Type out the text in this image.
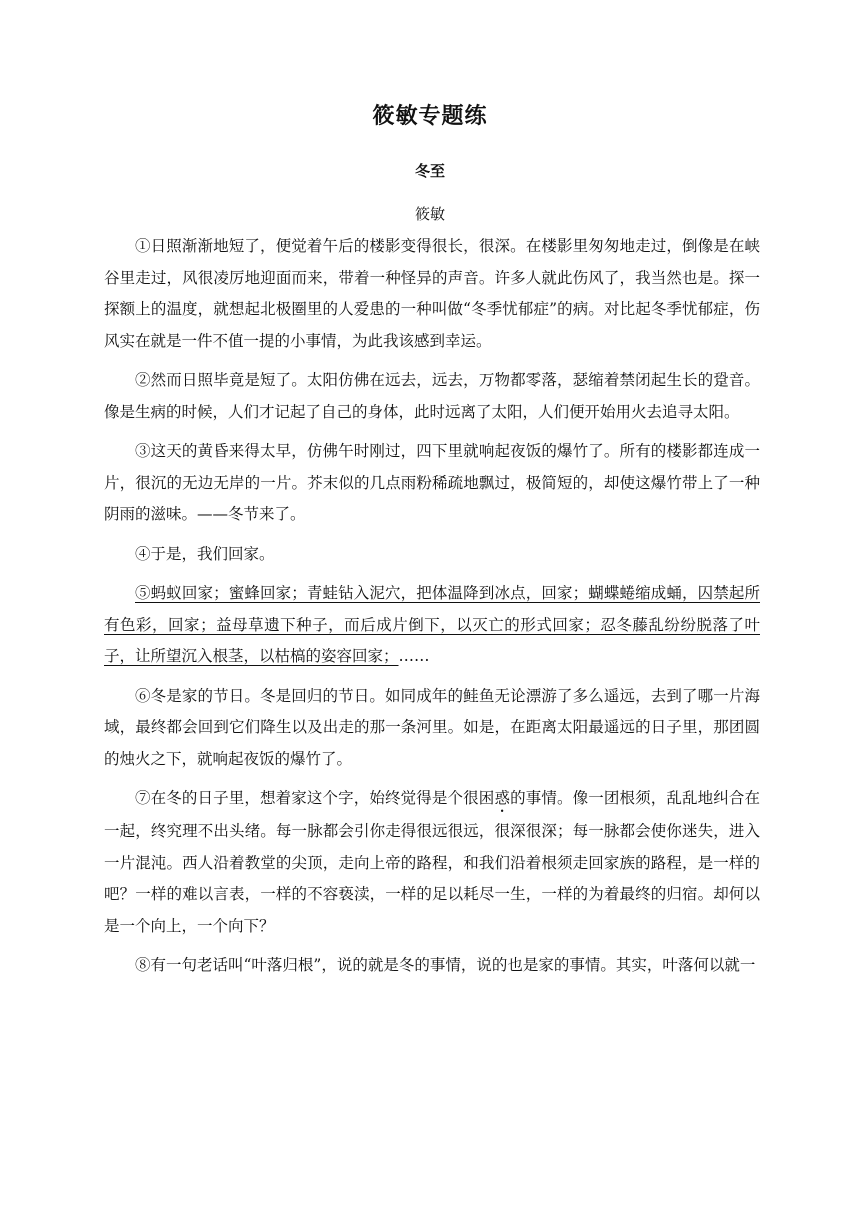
筱敏专题练
冬至
筱敏

①日照渐渐地短了，便觉着午后的楼影变得很长，很深。在楼影里匆匆地走过，倒像是在峡谷里走过，风很凌厉地迎面而来，带着一种怪异的声音。许多人就此伤风了，我当然也是。探一探额上的温度，就想起北极圈里的人爱患的一种叫做“冬季忧郁症”的病。对比起冬季忧郁症，伤风实在就是一件不值一提的小事情，为此我该感到幸运。

②然而日照毕竟是短了。太阳仿佛在远去，远去，万物都零落，瑟缩着禁闭起生长的跫音。像是生病的时候，人们才记起了自己的身体，此时远离了太阳，人们便开始用火去追寻太阳。

③这天的黄昏来得太早，仿佛午时刚过，四下里就响起夜饭的爆竹了。所有的楼影都连成一片，很沉的无边无岸的一片。芥末似的几点雨粉稀疏地飘过，极简短的，却使这爆竹带上了一种阴雨的滋味。——冬节来了。

④于是，我们回家。

⑤蚂蚁回家；蜜蜂回家；青蛙钻入泥穴，把体温降到冰点，回家；蝴蝶蜷缩成蛹，囚禁起所有色彩，回家；益母草遗下种子，而后成片倒下，以灭亡的形式回家；忍冬藤乱纷纷脱落了叶子，让所望沉入根茎，以枯槁的姿容回家；……

⑥冬是家的节日。冬是回归的节日。如同成年的鲑鱼无论漂游了多么遥远，去到了哪一片海域，最终都会回到它们降生以及出走的那一条河里。如是，在距离太阳最遥远的日子里，那团圆的烛火之下，就响起夜饭的爆竹了。

⑦在冬的日子里，想着家这个字，始终觉得是个很困惑的事情。像一团根须，乱乱地纠合在一起，终究理不出头绪。每一脉都会引你走得很远很远，很深很深；每一脉都会使你迷失，进入一片混沌。西人沿着教堂的尖顶，走向上帝的路程，和我们沿着根须走回家族的路程，是一样的吧？一样的难以言表，一样的不容亵渎，一样的足以耗尽一生，一样的为着最终的归宿。却何以是一个向上，一个向下？

⑧有一句老话叫“叶落归根”，说的就是冬的事情，说的也是家的事情。其实，叶落何以就一
